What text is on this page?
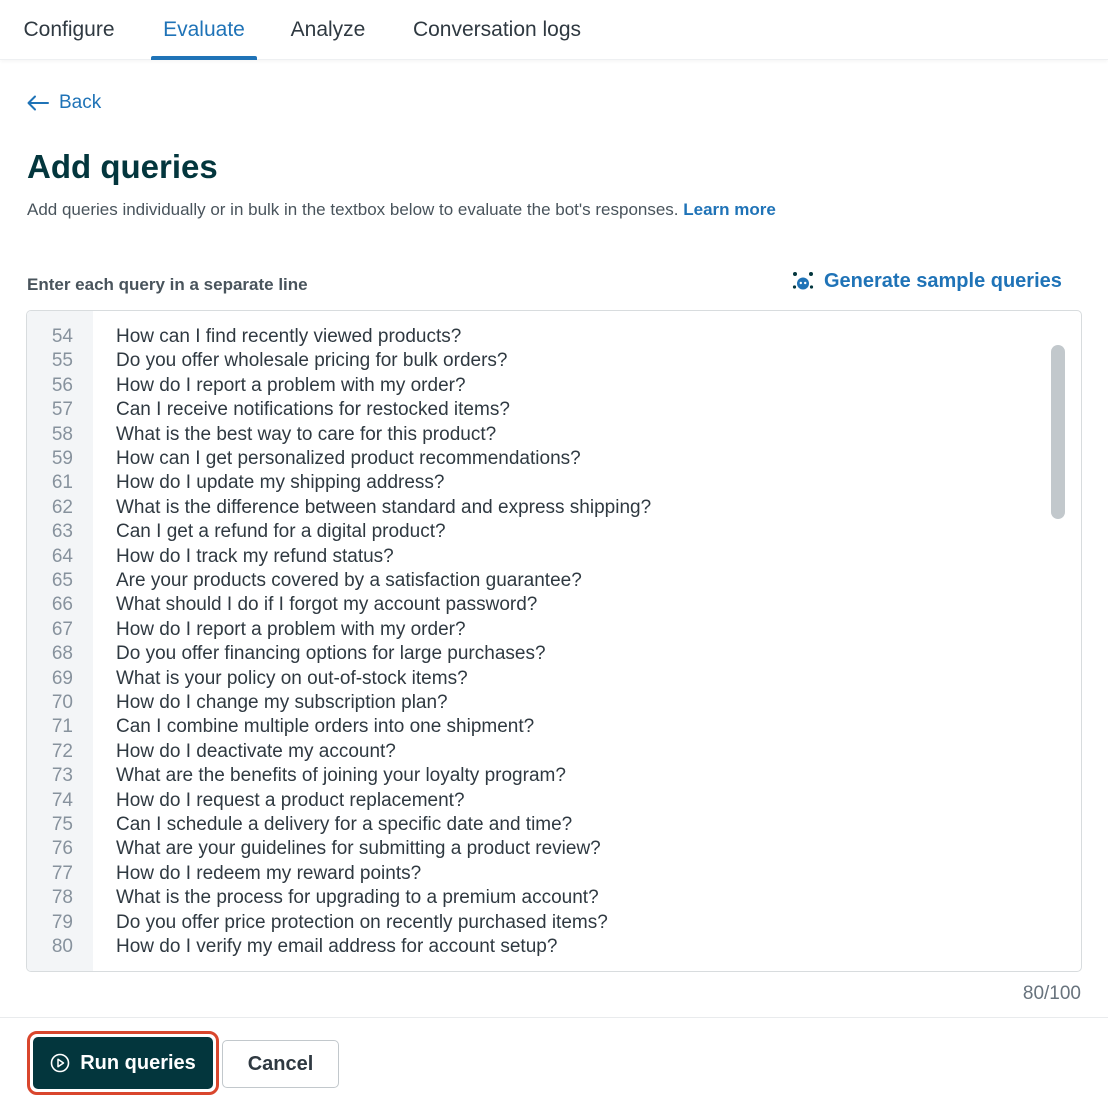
Configure	Evaluate	Analyze	Conversation logs
Back
Add queries
Add queries individually or in bulk in the textbox below to evaluate the bot's responses. Learn more
Enter each query in a separate line	Generate sample queries
54 How can I find recently viewed products?
55 Do you offer wholesale pricing for bulk orders?
56 How do I report a problem with my order?
57 Can I receive notifications for restocked items?
58 What is the best way to care for this product?
59 How can I get personalized product recommendations?
61 How do I update my shipping address?
62 What is the difference between standard and express shipping?
63 Can I get a refund for a digital product?
64 How do I track my refund status?
65 Are your products covered by a satisfaction guarantee?
66 What should I do if I forgot my account password?
67 How do I report a problem with my order?
68 Do you offer financing options for large purchases?
69 What is your policy on out-of-stock items?
70 How do I change my subscription plan?
71 Can I combine multiple orders into one shipment?
72 How do I deactivate my account?
73 What are the benefits of joining your loyalty program?
74 How do I request a product replacement?
75 Can I schedule a delivery for a specific date and time?
76 What are your guidelines for submitting a product review?
77 How do I redeem my reward points?
78 What is the process for upgrading to a premium account?
79 Do you offer price protection on recently purchased items?
80 How do I verify my email address for account setup?
80/100
Run queries	Cancel
